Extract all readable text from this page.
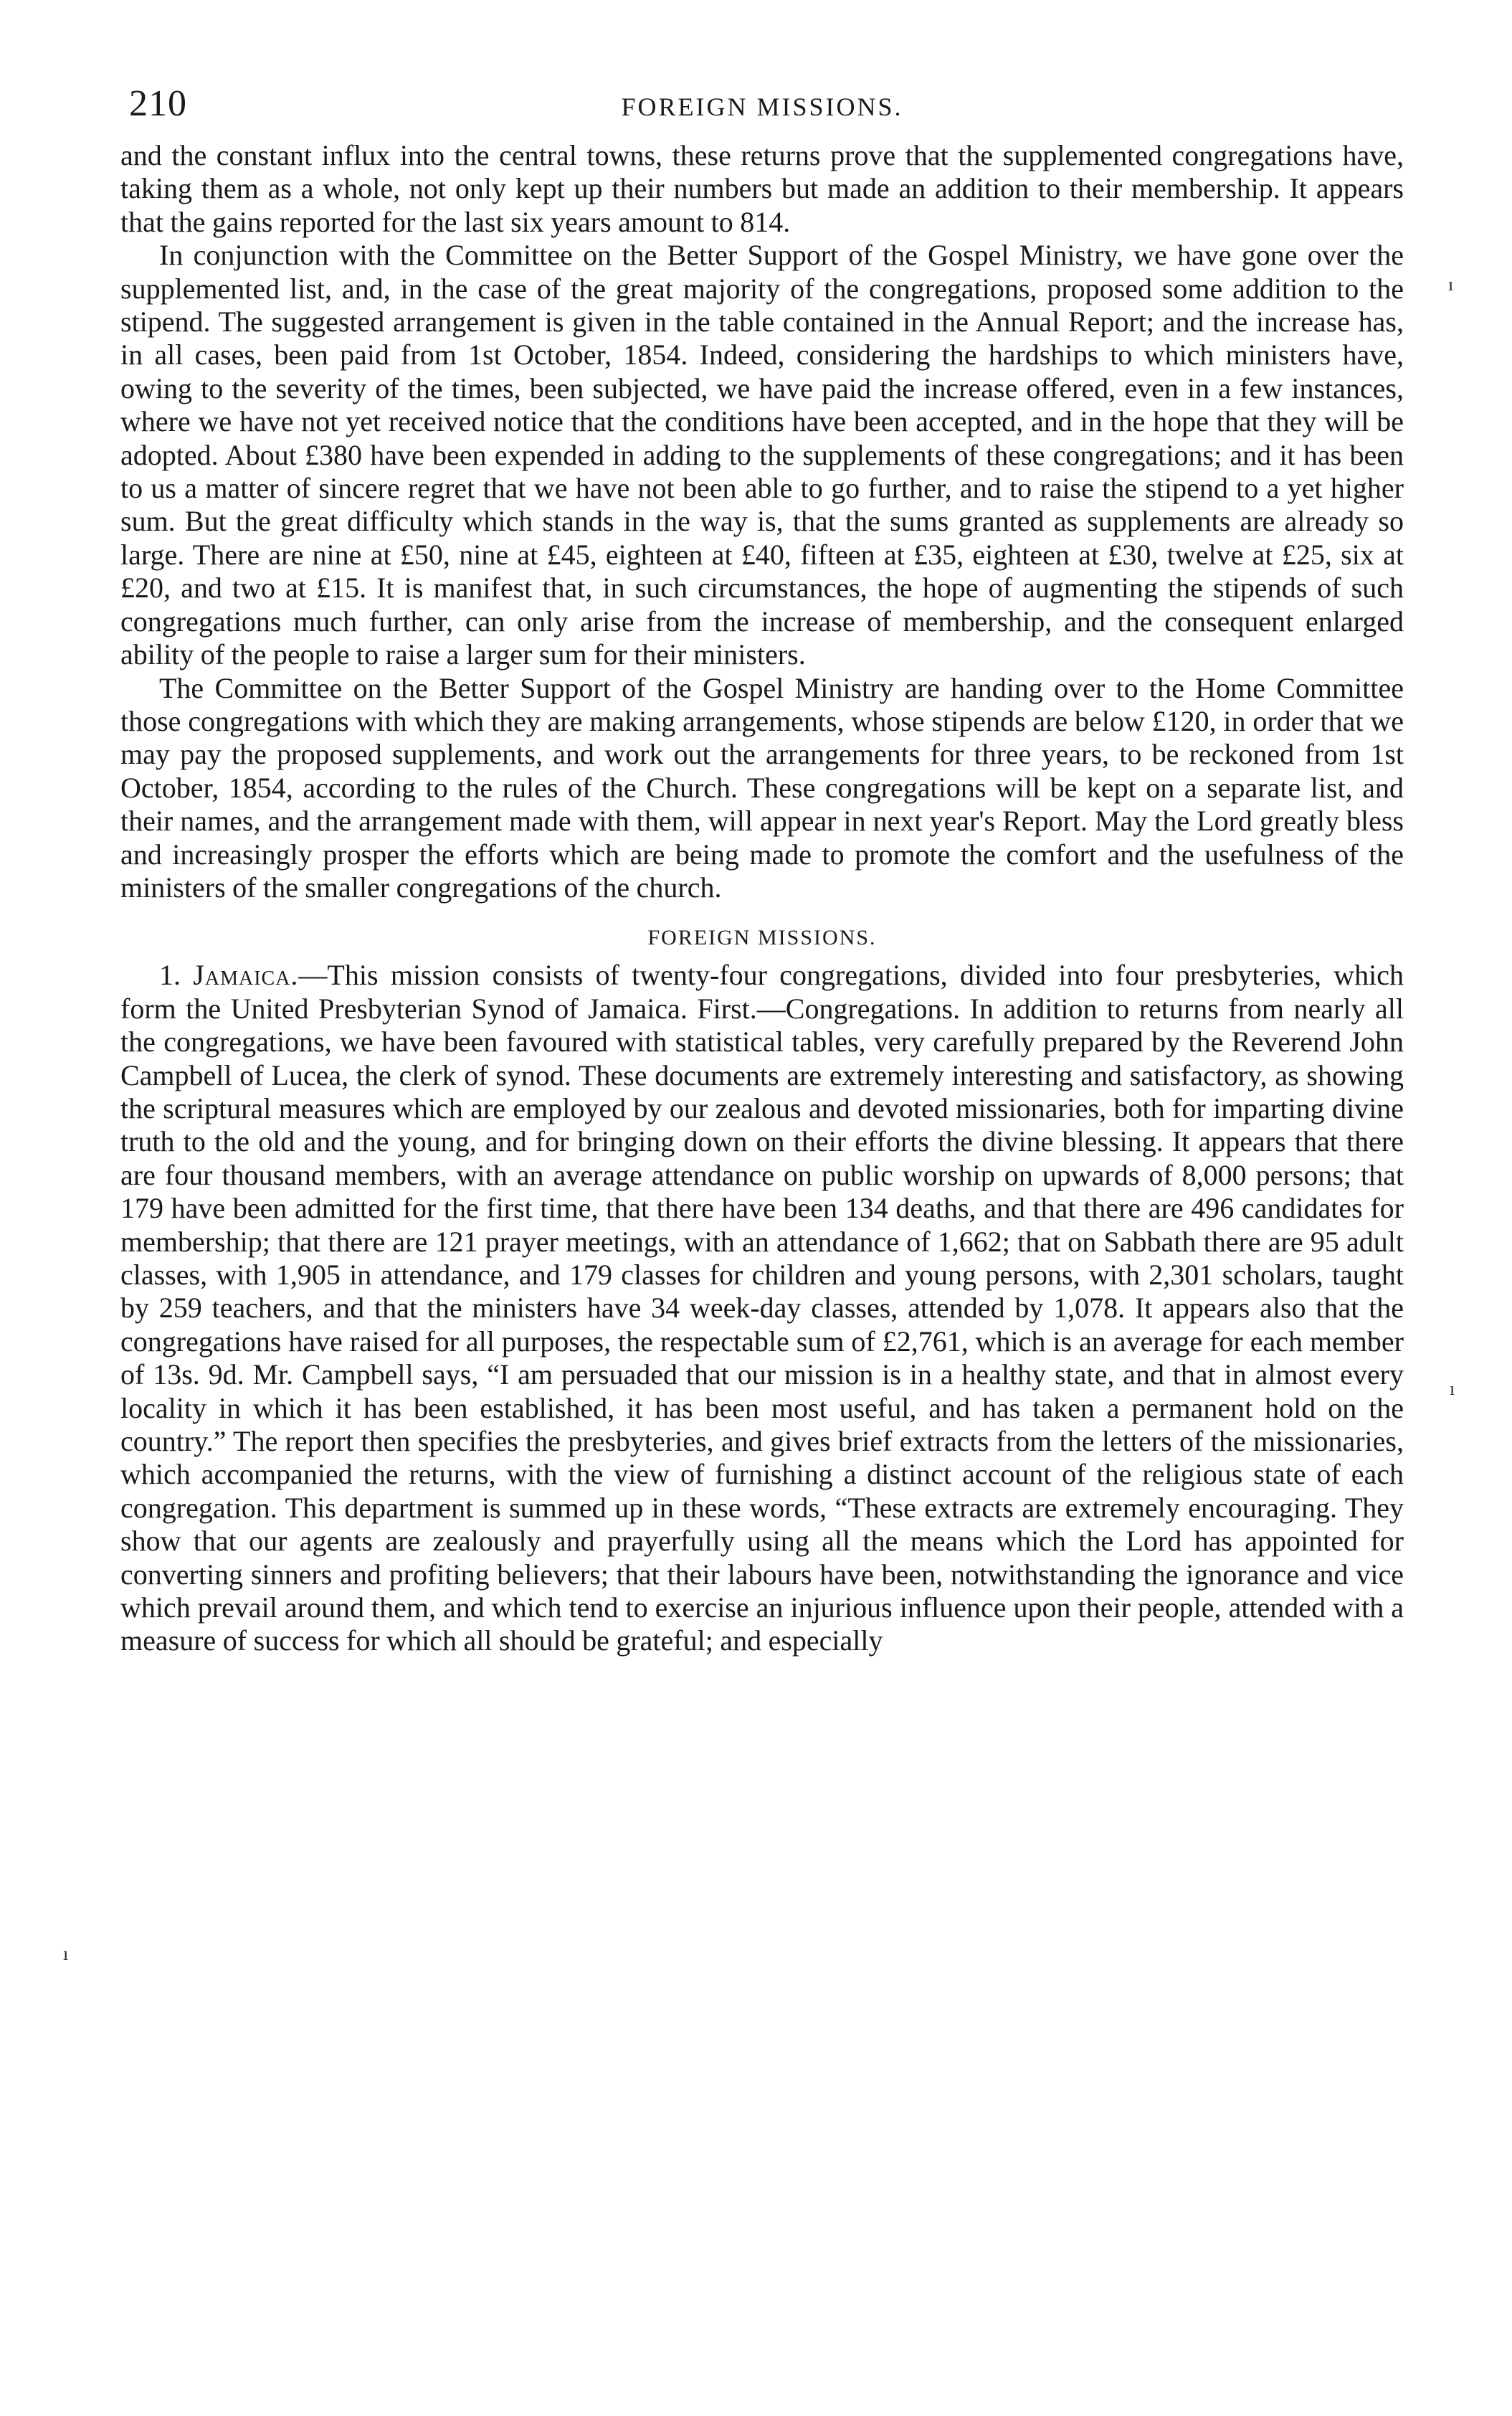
210	FOREIGN MISSIONS.

and the constant influx into the central towns, these returns prove that the supplemented congregations have, taking them as a whole, not only kept up their numbers but made an addition to their membership. It appears that the gains reported for the last six years amount to 814.

In conjunction with the Committee on the Better Support of the Gospel Ministry, we have gone over the supplemented list, and, in the case of the great majority of the congregations, proposed some addition to the stipend. The suggested arrangement is given in the table contained in the Annual Report; and the increase has, in all cases, been paid from 1st October, 1854. Indeed, considering the hardships to which ministers have, owing to the severity of the times, been subjected, we have paid the increase offered, even in a few instances, where we have not yet received notice that the conditions have been accepted, and in the hope that they will be adopted. About £380 have been expended in adding to the supplements of these congregations; and it has been to us a matter of sincere regret that we have not been able to go further, and to raise the stipend to a yet higher sum. But the great difficulty which stands in the way is, that the sums granted as supplements are already so large. There are nine at £50, nine at £45, eighteen at £40, fifteen at £35, eighteen at £30, twelve at £25, six at £20, and two at £15. It is manifest that, in such circumstances, the hope of augmenting the stipends of such congregations much further, can only arise from the increase of membership, and the consequent enlarged ability of the people to raise a larger sum for their ministers.

The Committee on the Better Support of the Gospel Ministry are handing over to the Home Committee those congregations with which they are making arrangements, whose stipends are below £120, in order that we may pay the proposed supplements, and work out the arrangements for three years, to be reckoned from 1st October, 1854, according to the rules of the Church. These congregations will be kept on a separate list, and their names, and the arrangement made with them, will appear in next year's Report. May the Lord greatly bless and increasingly prosper the efforts which are being made to promote the comfort and the usefulness of the ministers of the smaller congregations of the church.

FOREIGN MISSIONS.

1. Jamaica.—This mission consists of twenty-four congregations, divided into four presbyteries, which form the United Presbyterian Synod of Jamaica. First.—Congregations. In addition to returns from nearly all the congregations, we have been favoured with statistical tables, very carefully prepared by the Reverend John Campbell of Lucea, the clerk of synod. These documents are extremely interesting and satisfactory, as showing the scriptural measures which are employed by our zealous and devoted missionaries, both for imparting divine truth to the old and the young, and for bringing down on their efforts the divine blessing. It appears that there are four thousand members, with an average attendance on public worship on upwards of 8,000 persons; that 179 have been admitted for the first time, that there have been 134 deaths, and that there are 496 candidates for membership; that there are 121 prayer meetings, with an attendance of 1,662; that on Sabbath there are 95 adult classes, with 1,905 in attendance, and 179 classes for children and young persons, with 2,301 scholars, taught by 259 teachers, and that the ministers have 34 week-day classes, attended by 1,078. It appears also that the congregations have raised for all purposes, the respectable sum of £2,761, which is an average for each member of 13s. 9d. Mr. Campbell says, “I am persuaded that our mission is in a healthy state, and that in almost every locality in which it has been established, it has been most useful, and has taken a permanent hold on the country.” The report then specifies the presbyteries, and gives brief extracts from the letters of the missionaries, which accompanied the returns, with the view of furnishing a distinct account of the religious state of each congregation. This department is summed up in these words, “These extracts are extremely encouraging. They show that our agents are zealously and prayerfully using all the means which the Lord has appointed for converting sinners and profiting believers; that their labours have been, notwithstanding the ignorance and vice which prevail around them, and which tend to exercise an injurious influence upon their people, attended with a measure of success for which all should be grateful; and especially

ı
ı
ı
